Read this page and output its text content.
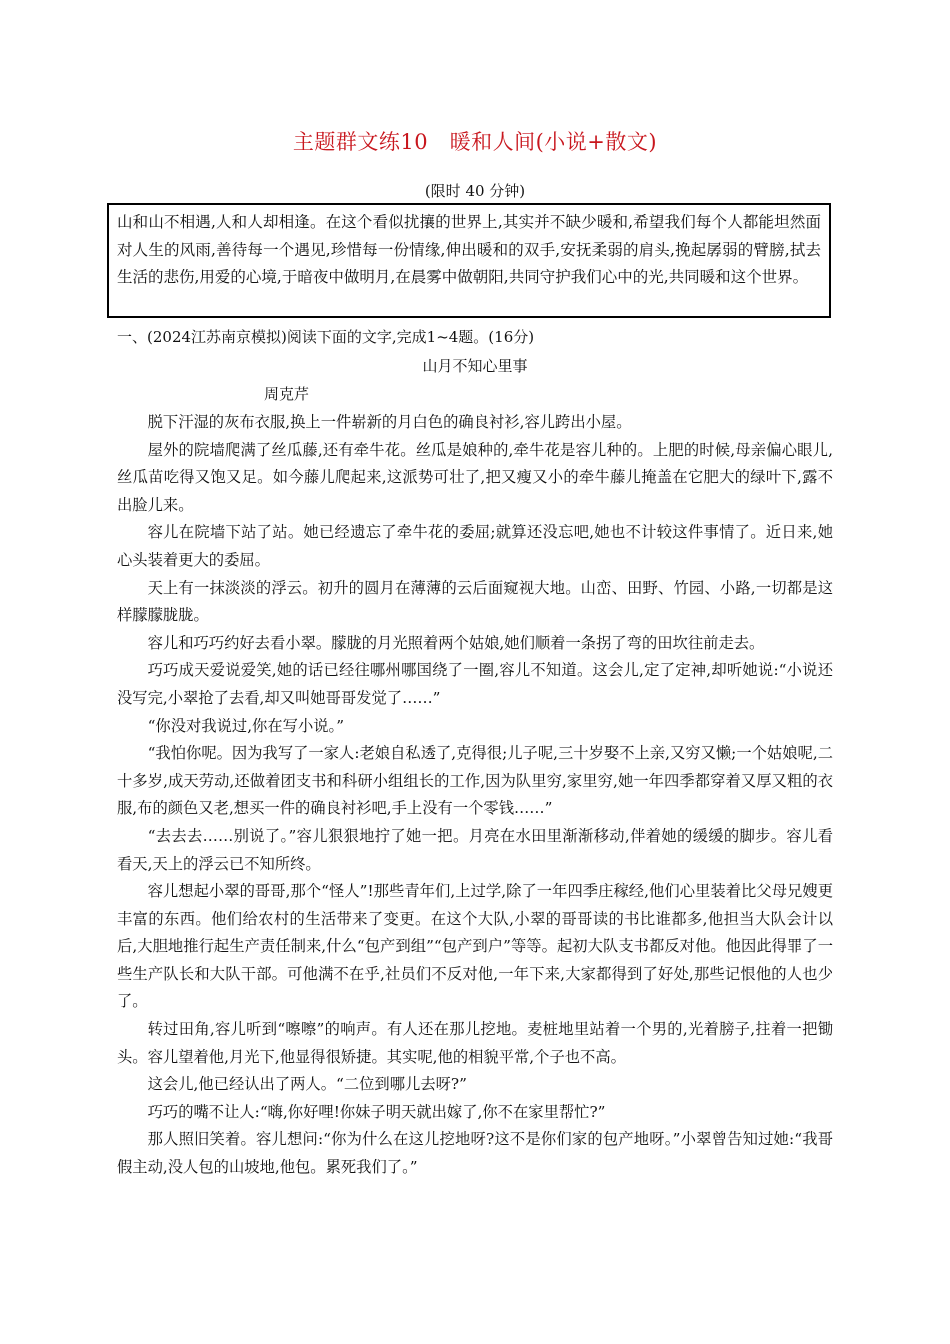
主题群文练10　暖和人间(小说+散文)
(限时 40 分钟)
山和山不相遇,人和人却相逢。在这个看似扰攘的世界上,其实并不缺少暖和,希望我们每个人都能坦然面对人生的风雨,善待每一个遇见,珍惜每一份情缘,伸出暖和的双手,安抚柔弱的肩头,挽起孱弱的臂膀,拭去生活的悲伤,用爱的心境,于暗夜中做明月,在晨雾中做朝阳,共同守护我们心中的光,共同暖和这个世界。
一、(2024江苏南京模拟)阅读下面的文字,完成1~4题。(16分)
山月不知心里事
周克芹

脱下汗湿的灰布衣服,换上一件崭新的月白色的确良衬衫,容儿跨出小屋。

屋外的院墙爬满了丝瓜藤,还有牵牛花。丝瓜是娘种的,牵牛花是容儿种的。上肥的时候,母亲偏心眼儿,丝瓜苗吃得又饱又足。如今藤儿爬起来,这派势可壮了,把又瘦又小的牵牛藤儿掩盖在它肥大的绿叶下,露不出脸儿来。

容儿在院墙下站了站。她已经遗忘了牵牛花的委屈;就算还没忘吧,她也不计较这件事情了。近日来,她心头装着更大的委屈。

天上有一抹淡淡的浮云。初升的圆月在薄薄的云后面窥视大地。山峦、田野、竹园、小路,一切都是这样朦朦胧胧。

容儿和巧巧约好去看小翠。朦胧的月光照着两个姑娘,她们顺着一条拐了弯的田坎往前走去。

巧巧成天爱说爱笑,她的话已经往哪州哪国绕了一圈,容儿不知道。这会儿,定了定神,却听她说:“小说还没写完,小翠抢了去看,却又叫她哥哥发觉了……”

“你没对我说过,你在写小说。”

“我怕你呢。因为我写了一家人:老娘自私透了,克得很;儿子呢,三十岁娶不上亲,又穷又懒;一个姑娘呢,二十多岁,成天劳动,还做着团支书和科研小组组长的工作,因为队里穷,家里穷,她一年四季都穿着又厚又粗的衣服,布的颜色又老,想买一件的确良衬衫吧,手上没有一个零钱……”

“去去去……别说了。”容儿狠狠地拧了她一把。月亮在水田里渐渐移动,伴着她的缓缓的脚步。容儿看看天,天上的浮云已不知所终。

容儿想起小翠的哥哥,那个“怪人”!那些青年们,上过学,除了一年四季庄稼经,他们心里装着比父母兄嫂更丰富的东西。他们给农村的生活带来了变更。在这个大队,小翠的哥哥读的书比谁都多,他担当大队会计以后,大胆地推行起生产责任制来,什么“包产到组”“包产到户”等等。起初大队支书都反对他。他因此得罪了一些生产队长和大队干部。可他满不在乎,社员们不反对他,一年下来,大家都得到了好处,那些记恨他的人也少了。

转过田角,容儿听到“嚓嚓”的响声。有人还在那儿挖地。麦桩地里站着一个男的,光着膀子,拄着一把锄头。容儿望着他,月光下,他显得很矫捷。其实呢,他的相貌平常,个子也不高。

这会儿,他已经认出了两人。“二位到哪儿去呀?”

巧巧的嘴不让人:“嗨,你好哩!你妹子明天就出嫁了,你不在家里帮忙?”

那人照旧笑着。容儿想问:“你为什么在这儿挖地呀?这不是你们家的包产地呀。”小翠曾告知过她:“我哥假主动,没人包的山坡地,他包。累死我们了。”
